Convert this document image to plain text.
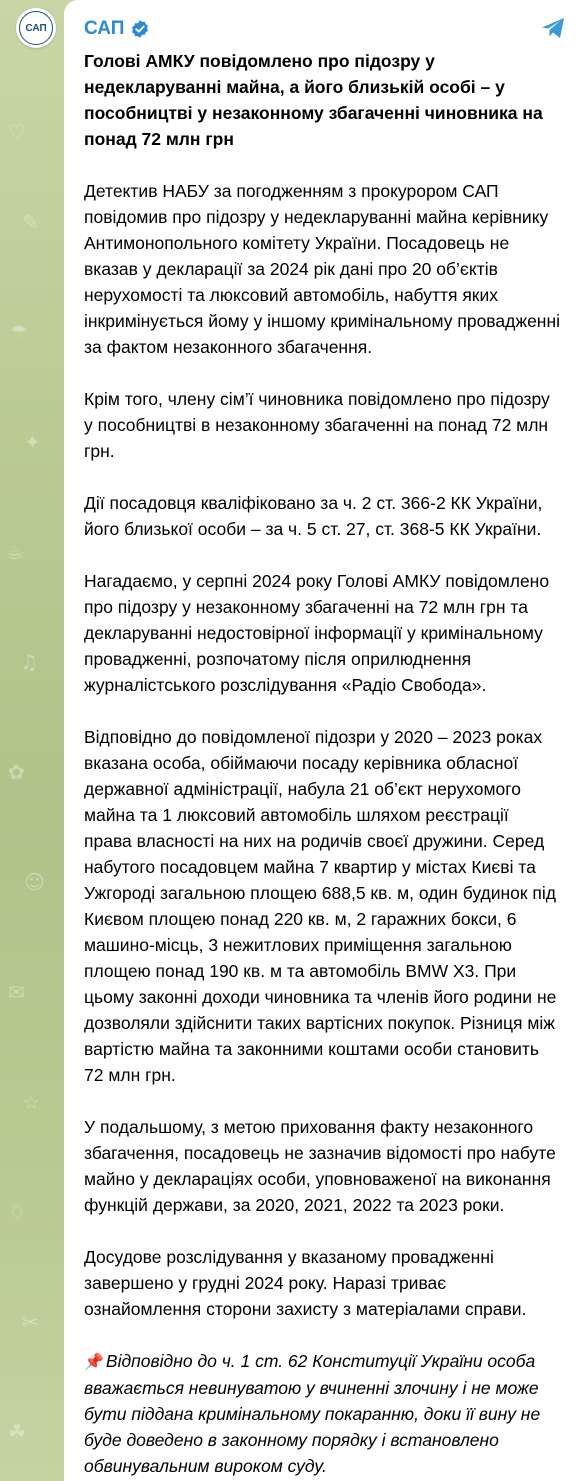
♡
✎
☂
✦
☕
♫
✿
☺
✉
☆
♢
✂
☘
САП	САП
Голові АМКУ повідомлено про підозру у недекларуванні майна, а його близькій особі – у пособництві у незаконному збагаченні чиновника на понад 72 млн грн

Детектив НАБУ за погодженням з прокурором САП повідомив про підозру у недекларуванні майна керівнику Антимонопольного комітету України. Посадовець не вказав у декларації за 2024 рік дані про 20 об’єктів нерухомості та люксовий автомобіль, набуття яких інкримінується йому у іншому кримінальному провадженні за фактом незаконного збагачення.

Крім того, члену сім’ї чиновника повідомлено про підозру у пособництві в незаконному збагаченні на понад 72 млн грн.

Дії посадовця кваліфіковано за ч. 2 ст. 366-2 КК України, його близької особи – за ч. 5 ст. 27, ст. 368-5 КК України.

Нагадаємо, у серпні 2024 року Голові АМКУ повідомлено про підозру у незаконному збагаченні на 72 млн грн та декларуванні недостовірної інформації у кримінальному провадженні, розпочатому після оприлюднення журналістського розслідування «Радіо Свобода».

Відповідно до повідомленої підозри у 2020 – 2023 роках вказана особа, обіймаючи посаду керівника обласної державної адміністрації, набула 21 об’єкт нерухомого майна та 1 люксовий автомобіль шляхом реєстрації права власності на них на родичів своєї дружини. Серед набутого посадовцем майна 7 квартир у містах Києві та Ужгороді загальною площею 688,5 кв. м, один будинок під Києвом площею понад 220 кв. м, 2 гаражних бокси, 6 машино-місць, 3 нежитлових приміщення загальною площею понад 190 кв. м та автомобіль BMW X3. При цьому законні доходи чиновника та членів його родини не дозволяли здійснити таких вартісних покупок. Різниця між вартістю майна та законними коштами особи становить 72 млн грн.

У подальшому, з метою приховання факту незаконного збагачення, посадовець не зазначив відомості про набуте майно у деклараціях особи, уповноваженої на виконання функцій держави, за 2020, 2021, 2022 та 2023 роки.

Досудове розслідування у вказаному провадженні завершено у грудні 2024 року. Наразі триває ознайомлення сторони захисту з матеріалами справи.

📌 Відповідно до ч. 1 ст. 62 Конституції України особа вважається невинуватою у вчиненні злочину і не може бути піддана кримінальному покаранню, доки її вину не буде доведено в законному порядку і встановлено обвинувальним вироком суду.
